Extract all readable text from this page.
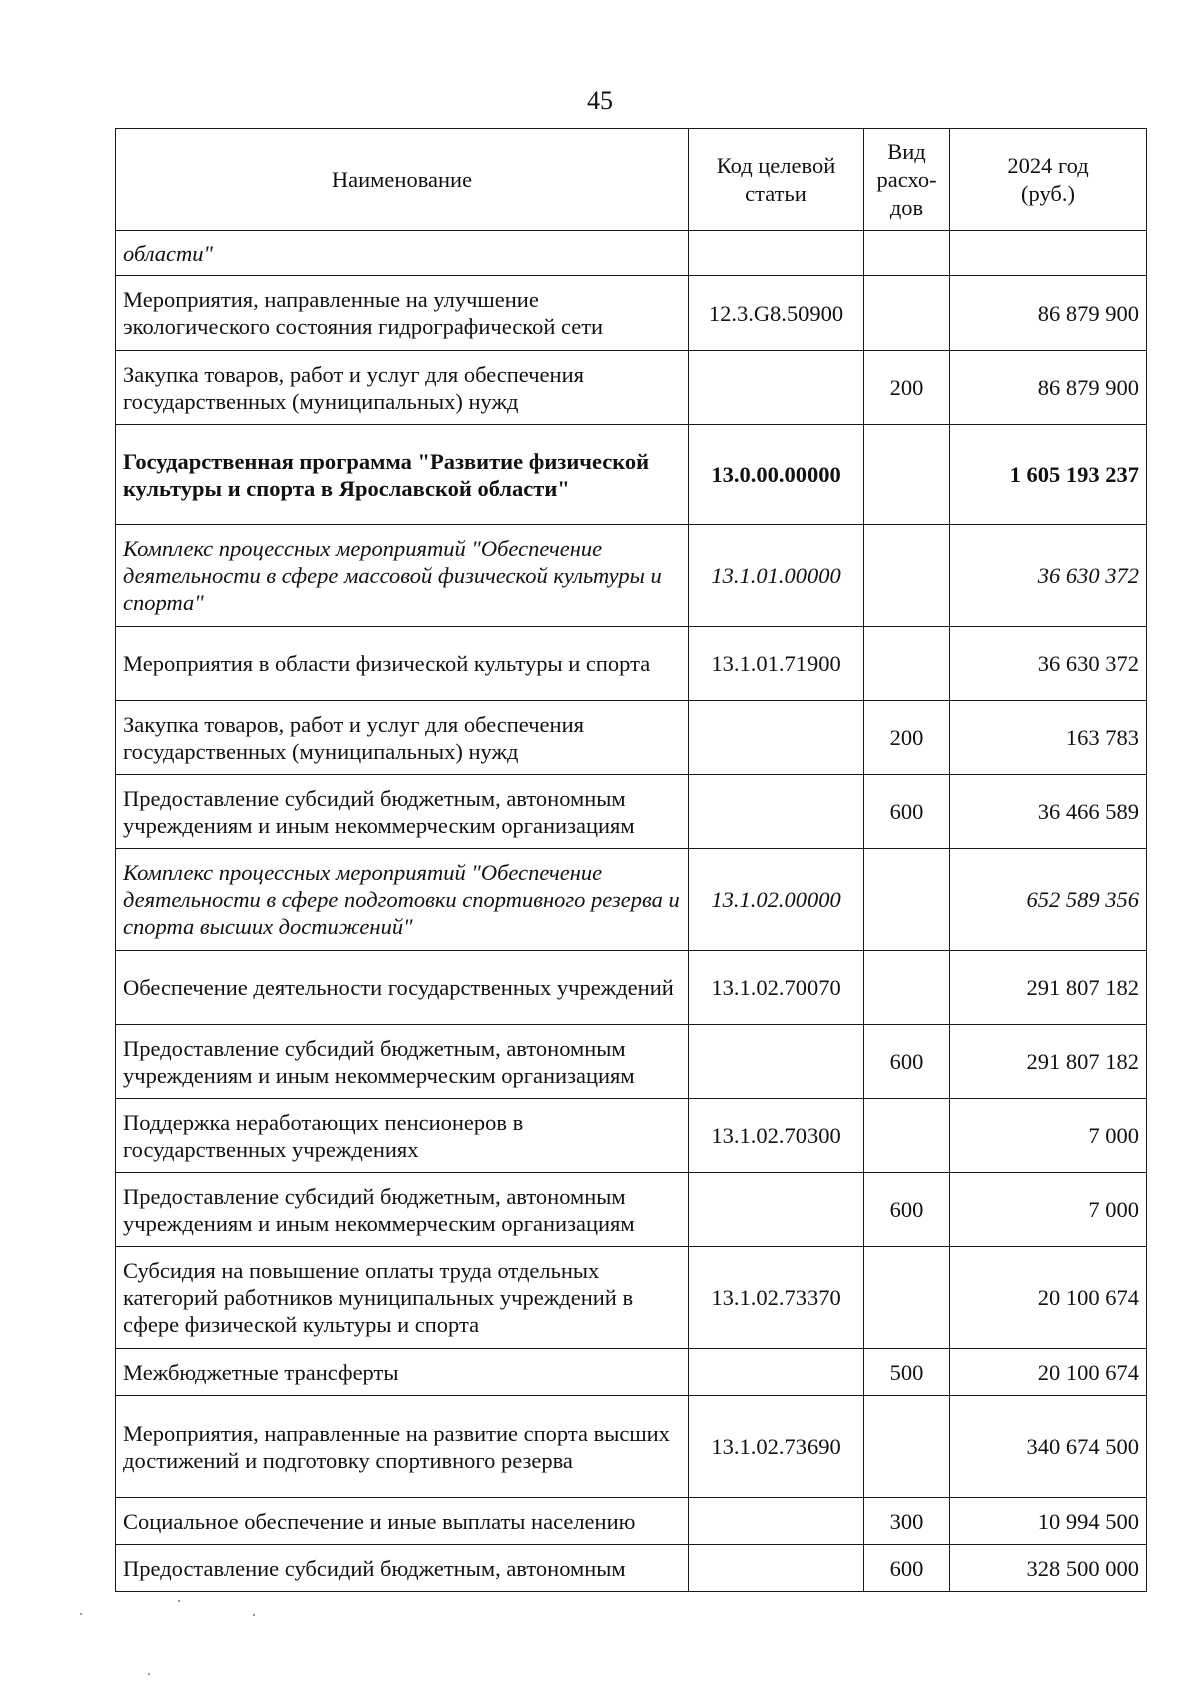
45
Наименование	Код целевой статьи	Вид расхо-дов	2024 год (руб.)
области"			
Мероприятия, направленные на улучшение экологического состояния гидрографической сети	12.3.G8.50900		86 879 900
Закупка товаров, работ и услуг для обеспечения государственных (муниципальных) нужд		200	86 879 900
Государственная программа "Развитие физической культуры и спорта в Ярославской области"	13.0.00.00000		1 605 193 237
Комплекс процессных мероприятий "Обеспечение деятельности в сфере массовой физической культуры и спорта"	13.1.01.00000		36 630 372
Мероприятия в области физической культуры и спорта	13.1.01.71900		36 630 372
Закупка товаров, работ и услуг для обеспечения государственных (муниципальных) нужд		200	163 783
Предоставление субсидий бюджетным, автономным учреждениям и иным некоммерческим организациям		600	36 466 589
Комплекс процессных мероприятий "Обеспечение деятельности в сфере подготовки спортивного резерва и спорта высших достижений"	13.1.02.00000		652 589 356
Обеспечение деятельности государственных учреждений	13.1.02.70070		291 807 182
Предоставление субсидий бюджетным, автономным учреждениям и иным некоммерческим организациям		600	291 807 182
Поддержка неработающих пенсионеров в государственных учреждениях	13.1.02.70300		7 000
Предоставление субсидий бюджетным, автономным учреждениям и иным некоммерческим организациям		600	7 000
Субсидия на повышение оплаты труда отдельных категорий работников муниципальных учреждений в сфере физической культуры и спорта	13.1.02.73370		20 100 674
Межбюджетные трансферты		500	20 100 674
Мероприятия, направленные на развитие спорта высших достижений и подготовку спортивного резерва	13.1.02.73690		340 674 500
Социальное обеспечение и иные выплаты населению		300	10 994 500
Предоставление субсидий бюджетным, автономным		600	328 500 000
